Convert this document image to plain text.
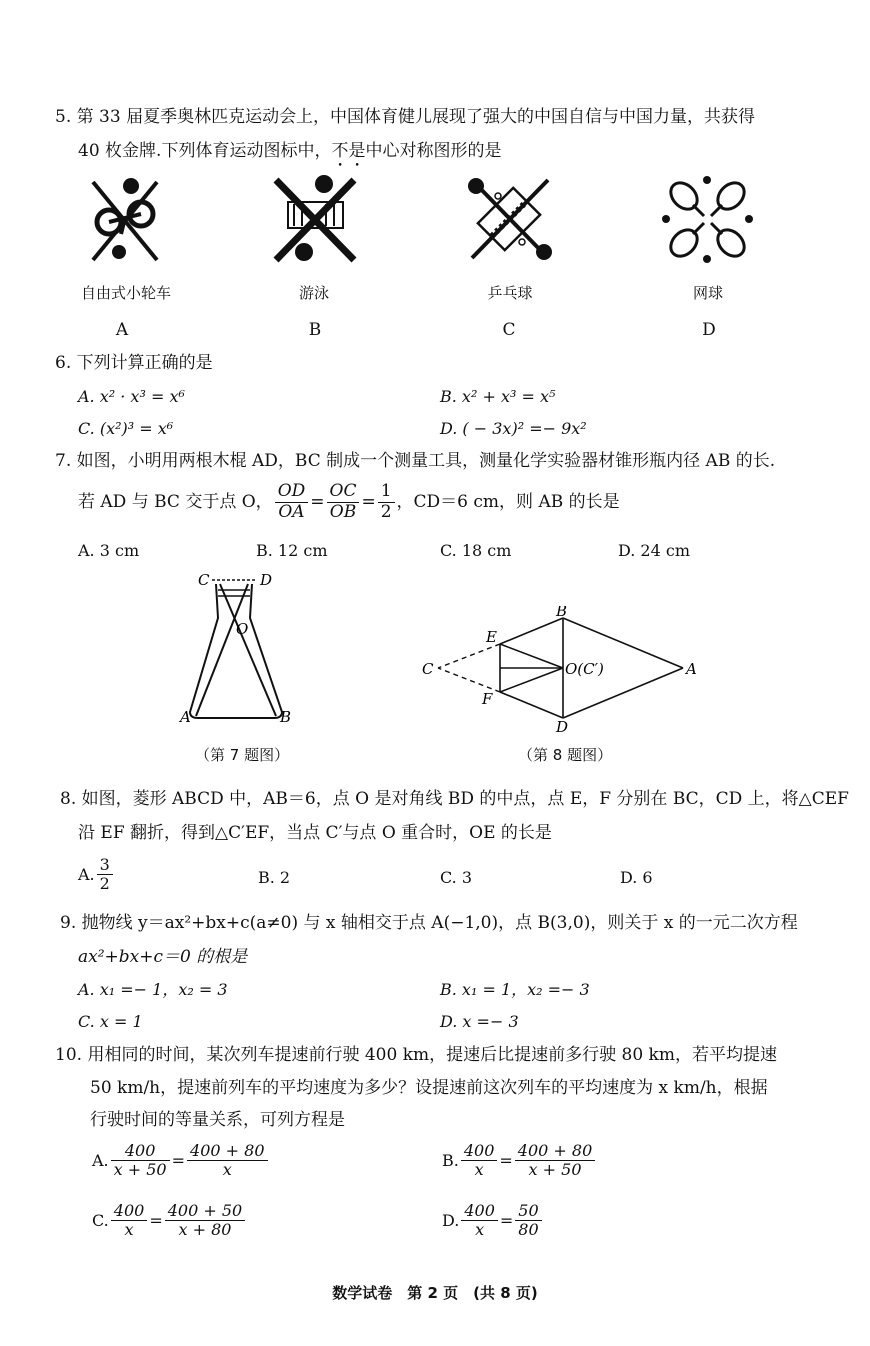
5. 第 33 届夏季奥林匹克运动会上，中国体育健儿展现了强大的中国自信与中国力量，共获得
40 枚金牌.下列体育运动图标中，不是中心对称图形的是
自由式小轮车
A
游泳
B
乒乓球
C
网球
D
6. 下列计算正确的是
A. x² · x³ = x⁶	B. x² + x³ = x⁵
C. (x²)³ = x⁶	D. ( − 3x)² =− 9x²
7. 如图，小明用两根木棍 AD，BC 制成一个测量工具，测量化学实验器材锥形瓶内径 AB 的长.
若 AD 与 BC 交于点 O， $\frac{OD}{OA} = \frac{OC}{OB} = \frac{1}{2}$ ，CD＝6 cm，则 AB 的长是
A. 3 cm	B. 12 cm	C. 18 cm	D. 24 cm
C	D
O
A	B
（第 7 题图）
B
E
C	O(C′)	A
F
D
（第 8 题图）
8. 如图，菱形 ABCD 中，AB＝6，点 O 是对角线 BD 的中点，点 E，F 分别在 BC，CD 上，将△CEF
沿 EF 翻折，得到△C′EF，当点 C′与点 O 重合时，OE 的长是
A. $\frac{3}{2}$	B. 2	C. 3	D. 6
9. 抛物线 y＝ax²+bx+c(a≠0) 与 x 轴相交于点 A(−1,0)，点 B(3,0)，则关于 x 的一元二次方程
ax²+bx+c＝0 的根是
A. x₁ =− 1，x₂ = 3	B. x₁ = 1，x₂ =− 3
C. x = 1	D. x =− 3
10. 用相同的时间，某次列车提速前行驶 400 km，提速后比提速前多行驶 80 km，若平均提速
50 km/h，提速前列车的平均速度为多少？设提速前这次列车的平均速度为 x km/h，根据
行驶时间的等量关系，可列方程是
A. $\frac{400}{x + 50} = \frac{400 + 80}{x}$	B. $\frac{400}{x} = \frac{400 + 80}{x + 50}$
C. $\frac{400}{x} = \frac{400 + 50}{x + 80}$	D. $\frac{400}{x} = \frac{50}{80}$
数学试卷　第 2 页　(共 8 页)
